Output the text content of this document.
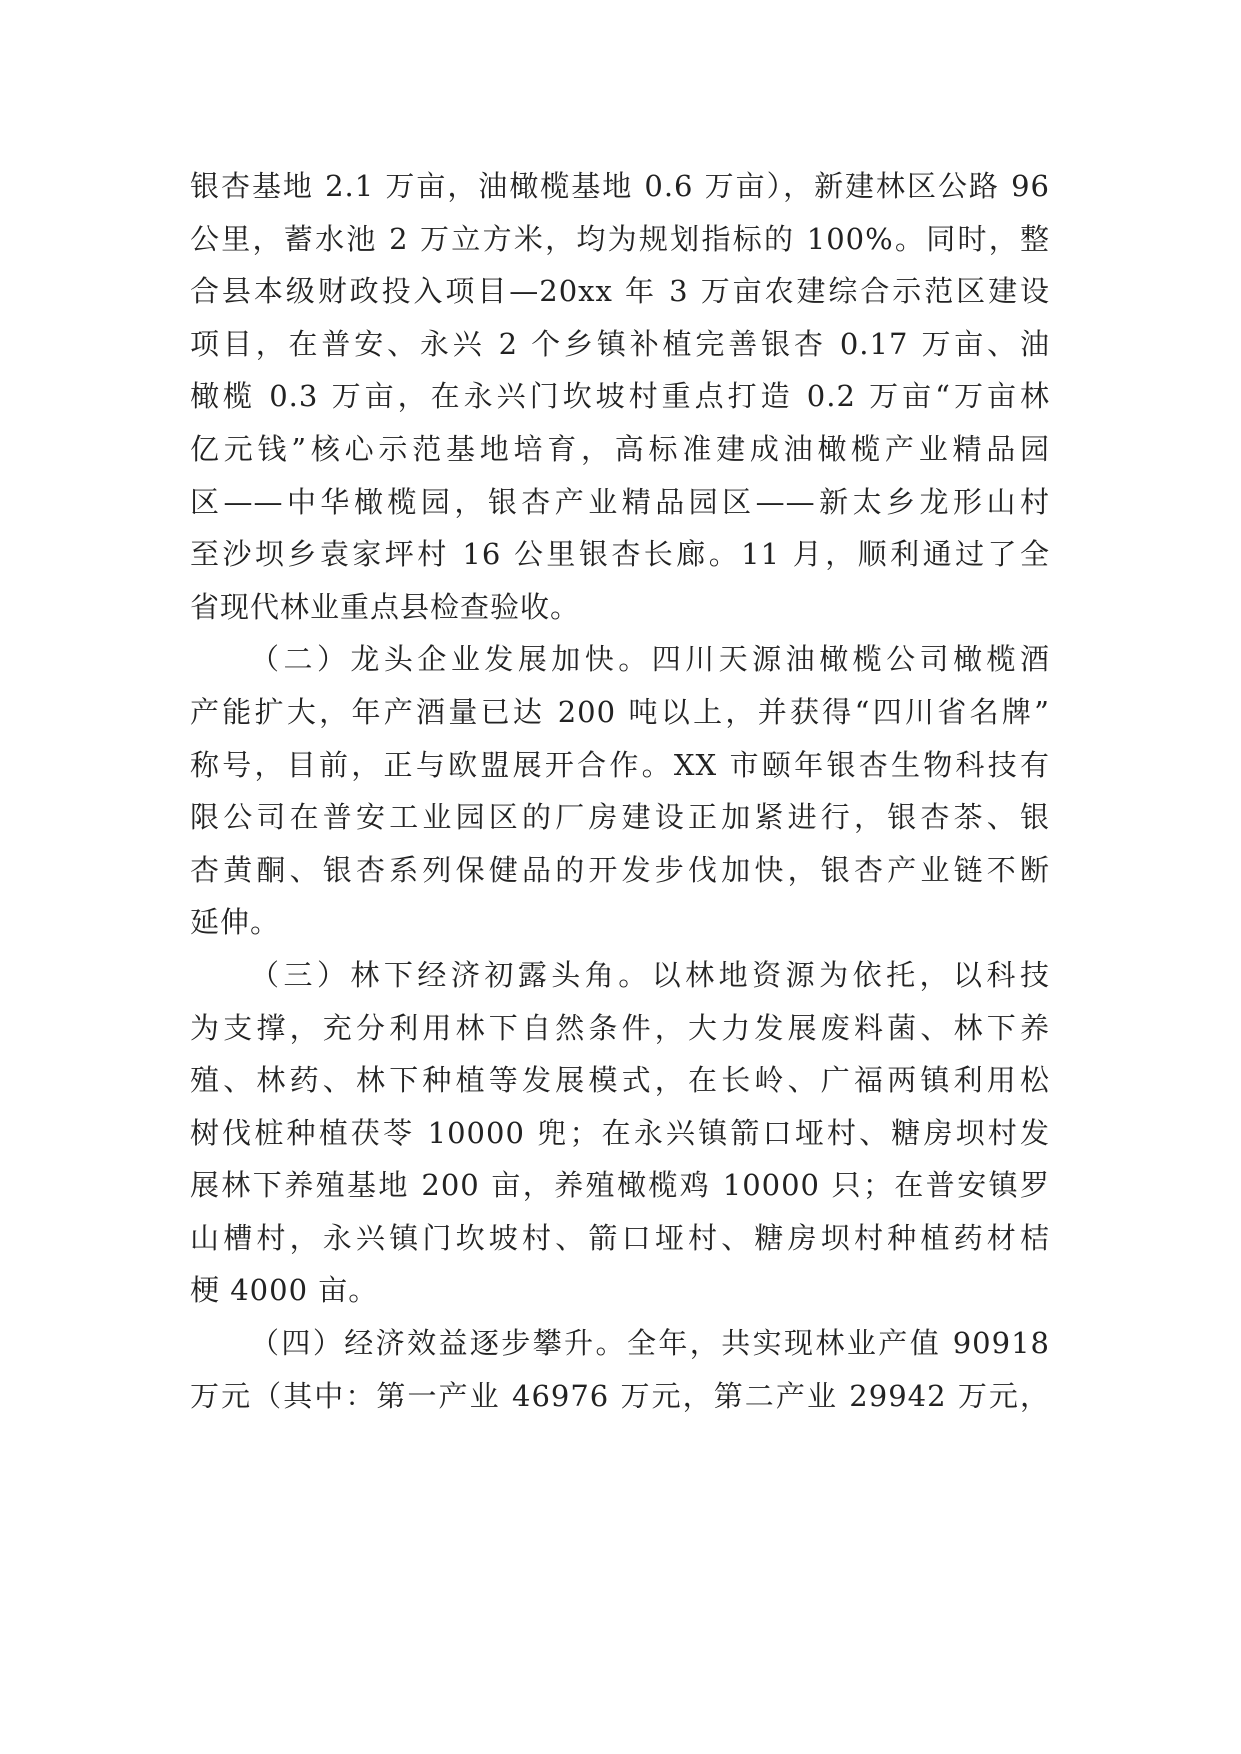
银杏基地 2.1 万亩，油橄榄基地 0.6 万亩），新建林区公路 96
公里，蓄水池 2 万立方米，均为规划指标的 100%。同时，整
合县本级财政投入项目—20xx 年 3 万亩农建综合示范区建设
项目，在普安、永兴 2 个乡镇补植完善银杏 0.17 万亩、油
橄榄 0.3 万亩，在永兴门坎坡村重点打造 0.2 万亩“万亩林
亿元钱”核心示范基地培育，高标准建成油橄榄产业精品园
区——中华橄榄园，银杏产业精品园区——新太乡龙形山村
至沙坝乡袁家坪村 16 公里银杏长廊。11 月，顺利通过了全
省现代林业重点县检查验收。
（二）龙头企业发展加快。四川天源油橄榄公司橄榄酒
产能扩大，年产酒量已达 200 吨以上，并获得“四川省名牌”
称号，目前，正与欧盟展开合作。XX 市颐年银杏生物科技有
限公司在普安工业园区的厂房建设正加紧进行，银杏茶、银
杏黄酮、银杏系列保健品的开发步伐加快，银杏产业链不断
延伸。
（三）林下经济初露头角。以林地资源为依托，以科技
为支撑，充分利用林下自然条件，大力发展废料菌、林下养
殖、林药、林下种植等发展模式，在长岭、广福两镇利用松
树伐桩种植茯苓 10000 兜；在永兴镇箭口垭村、糖房坝村发
展林下养殖基地 200 亩，养殖橄榄鸡 10000 只；在普安镇罗
山槽村，永兴镇门坎坡村、箭口垭村、糖房坝村种植药材桔
梗 4000 亩。
（四）经济效益逐步攀升。全年，共实现林业产值 90918
万元（其中：第一产业 46976 万元，第二产业 29942 万元，
